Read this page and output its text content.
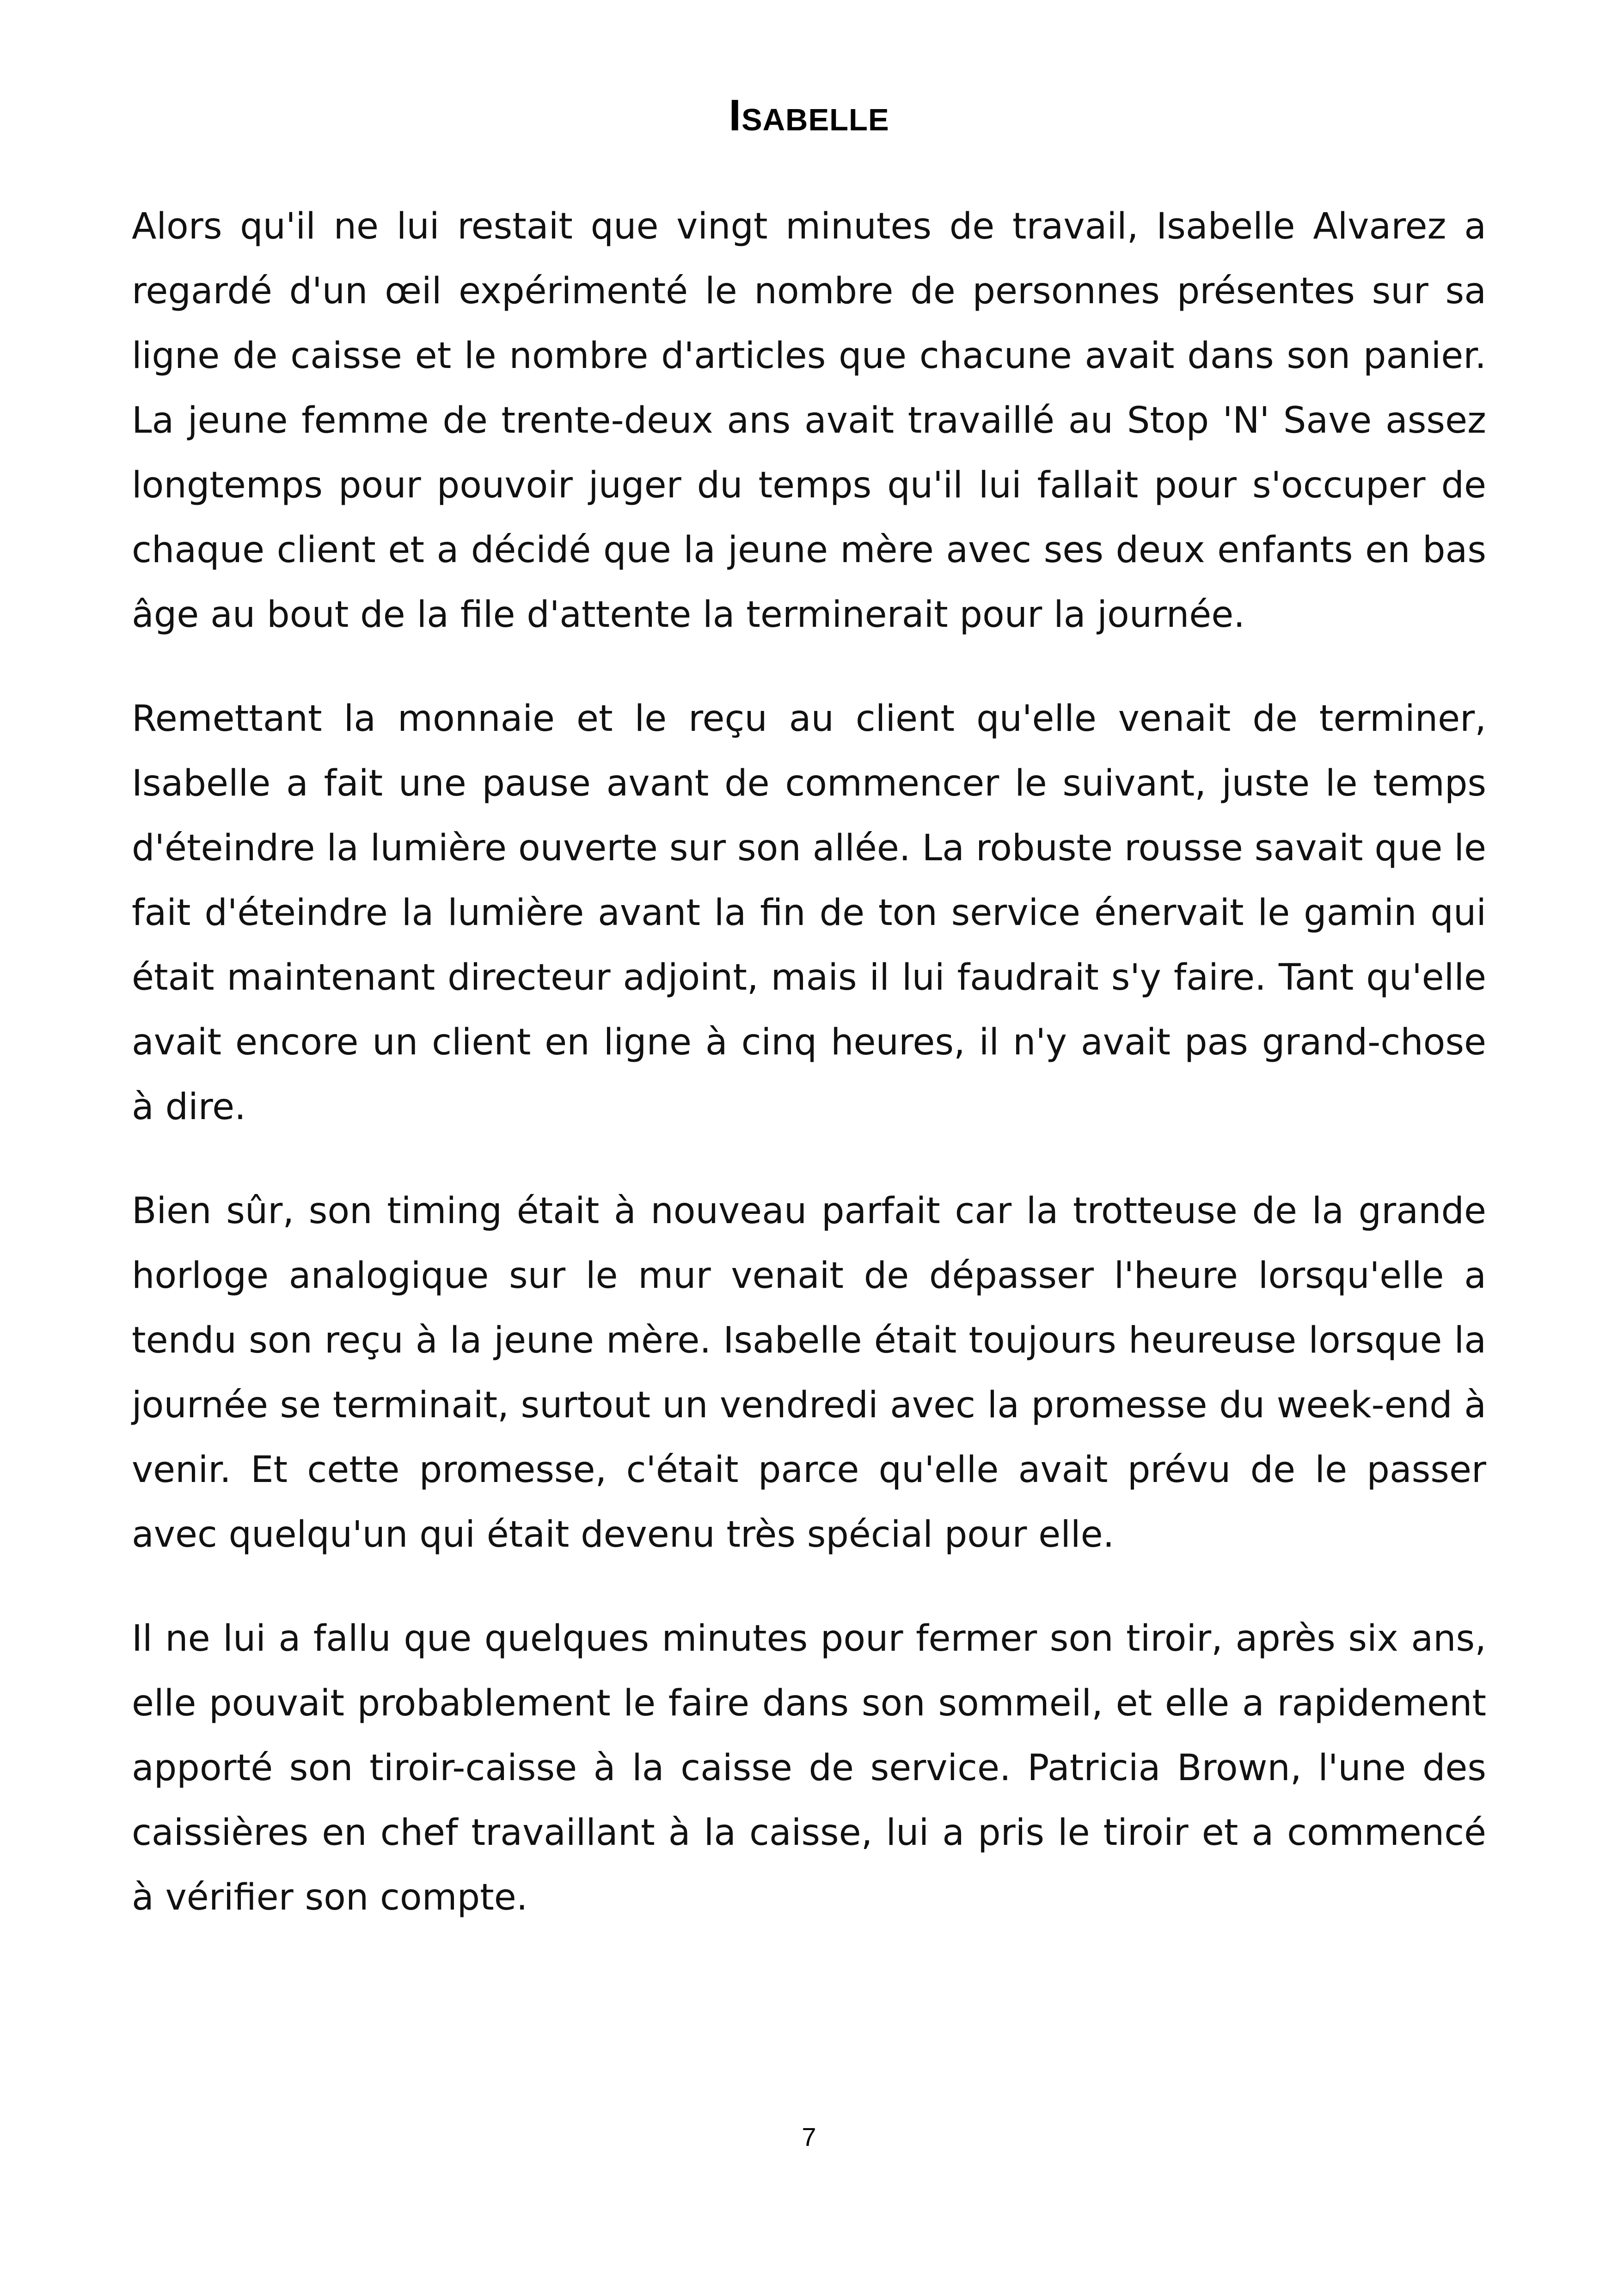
Isabelle

Alors qu'il ne lui restait que vingt minutes de travail, Isabelle Alvarez a regardé d'un œil expérimenté le nombre de personnes présentes sur sa ligne de caisse et le nombre d'articles que chacune avait dans son panier. La jeune femme de trente-deux ans avait travaillé au Stop 'N' Save assez longtemps pour pouvoir juger du temps qu'il lui fallait pour s'occuper de chaque client et a décidé que la jeune mère avec ses deux enfants en bas âge au bout de la file d'attente la terminerait pour la journée.

Remettant la monnaie et le reçu au client qu'elle venait de terminer, Isabelle a fait une pause avant de commencer le suivant, juste le temps d'éteindre la lumière ouverte sur son allée. La robuste rousse savait que le fait d'éteindre la lumière avant la fin de ton service énervait le gamin qui était maintenant directeur adjoint, mais il lui faudrait s'y faire. Tant qu'elle avait encore un client en ligne à cinq heures, il n'y avait pas grand-chose à dire.

Bien sûr, son timing était à nouveau parfait car la trotteuse de la grande horloge analogique sur le mur venait de dépasser l'heure lorsqu'elle a tendu son reçu à la jeune mère. Isabelle était toujours heureuse lorsque la journée se terminait, surtout un vendredi avec la promesse du week-end à venir. Et cette promesse, c'était parce qu'elle avait prévu de le passer avec quelqu'un qui était devenu très spécial pour elle.

Il ne lui a fallu que quelques minutes pour fermer son tiroir, après six ans, elle pouvait probablement le faire dans son sommeil, et elle a rapidement apporté son tiroir-caisse à la caisse de service. Patricia Brown, l'une des caissières en chef travaillant à la caisse, lui a pris le tiroir et a commencé à vérifier son compte.

7
